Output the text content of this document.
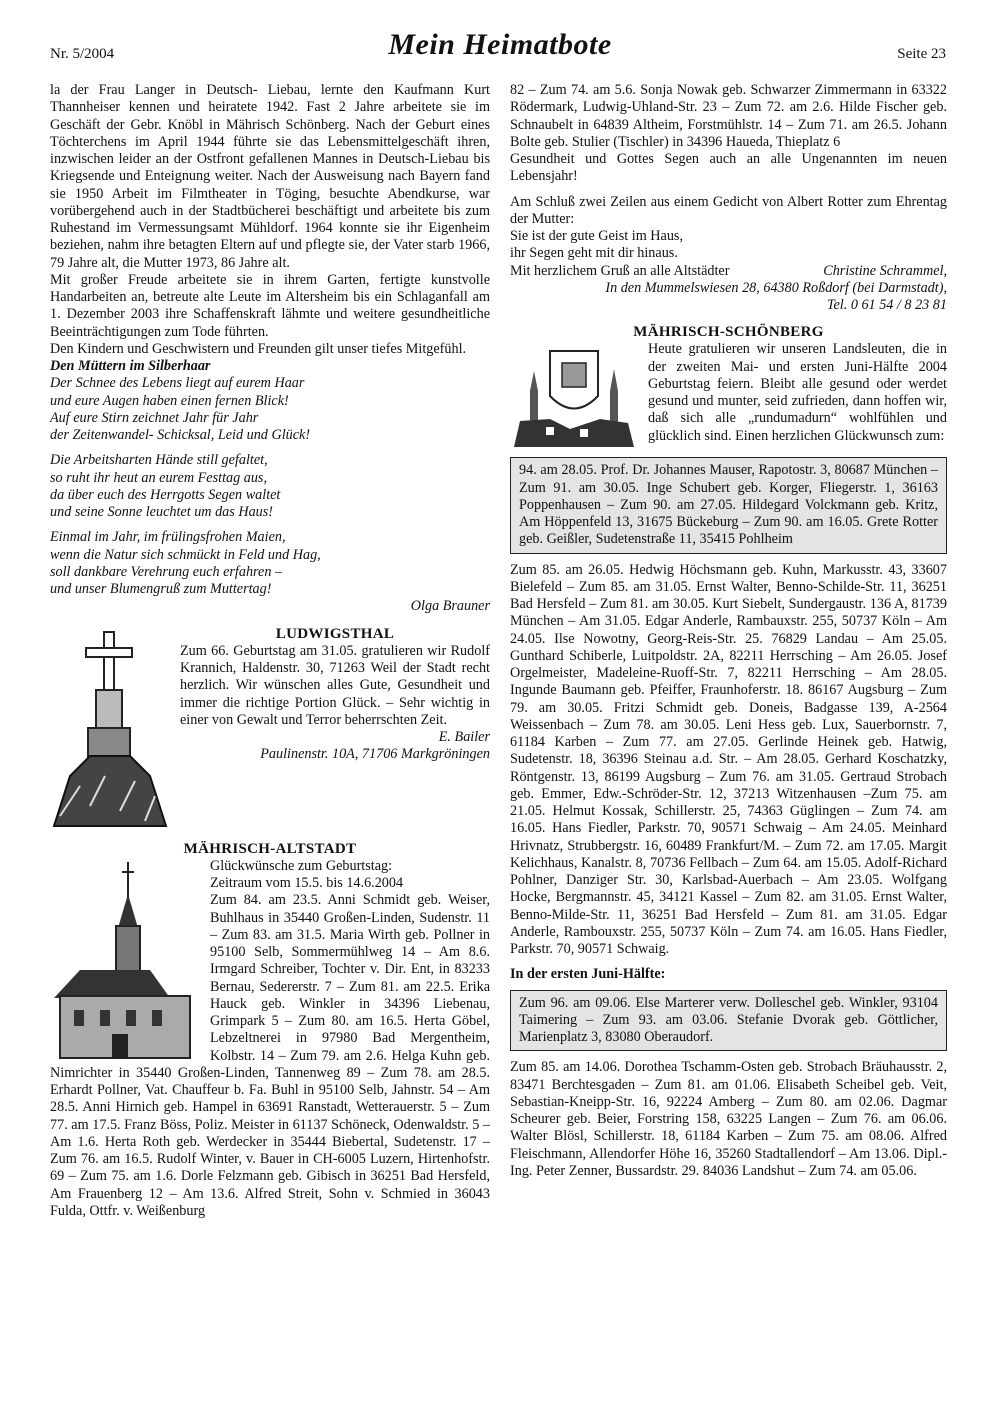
Nr. 5/2004	Mein Heimatbote	Seite 23

la der Frau Langer in Deutsch- Liebau, lernte den Kaufmann Kurt Thannheiser kennen und heiratete 1942. Fast 2 Jahre arbeitete sie im Geschäft der Gebr. Knöbl in Mährisch Schönberg. Nach der Geburt eines Töchterchens im April 1944 führte sie das Lebensmittelgeschäft ihren, inzwischen leider an der Ostfront gefallenen Mannes in Deutsch-Liebau bis Kriegsende und Enteignung weiter. Nach der Ausweisung nach Bayern fand sie 1950 Arbeit im Filmtheater in Töging, besuchte Abendkurse, war vorübergehend auch in der Stadtbücherei beschäftigt und arbeitete bis zum Ruhestand im Vermessungsamt Mühldorf. 1964 konnte sie ihr Eigenheim beziehen, nahm ihre betagten Eltern auf und pflegte sie, der Vater starb 1966, 79 Jahre alt, die Mutter 1973, 86 Jahre alt.

Mit großer Freude arbeitete sie in ihrem Garten, fertigte kunstvolle Handarbeiten an, betreute alte Leute im Altersheim bis ein Schlaganfall am 1. Dezember 2003 ihre Schaffenskraft lähmte und weitere gesundheitliche Beeinträchtigungen zum Tode führten.

Den Kindern und Geschwistern und Freunden gilt unser tiefes Mitgefühl.

Den Müttern im Silberhaar

Der Schnee des Lebens liegt auf eurem Haar
und eure Augen haben einen fernen Blick!
Auf eure Stirn zeichnet Jahr für Jahr
der Zeitenwandel- Schicksal, Leid und Glück!
Die Arbeitsharten Hände still gefaltet,
so ruht ihr heut an eurem Festtag aus,
da über euch des Herrgotts Segen waltet
und seine Sonne leuchtet um das Haus!
Einmal im Jahr, im frülingsfrohen Maien,
wenn die Natur sich schmückt in Feld und Hag,
soll dankbare Verehrung euch erfahren –
und unser Blumengruß zum Muttertag!

Olga Brauner

LUDWIGSTHAL

Zum 66. Geburtstag am 31.05. gratulieren wir Rudolf Krannich, Haldenstr. 30, 71263 Weil der Stadt recht herzlich. Wir wünschen alles Gute, Gesundheit und immer die richtige Portion Glück. – Sehr wichtig in einer von Gewalt und Terror beherrschten Zeit.

E. Bailer
Paulinenstr. 10A, 71706 Markgröningen
MÄHRISCH-ALTSTADT

Glückwünsche zum Geburtstag:

Zeitraum vom 15.5. bis 14.6.2004

Zum 84. am 23.5. Anni Schmidt geb. Weiser, Buhlhaus in 35440 Großen-Linden, Sudenstr. 11 – Zum 83. am 31.5. Maria Wirth geb. Pollner in 95100 Selb, Sommermühlweg 14 – Am 8.6. Irmgard Schreiber, Tochter v. Dir. Ent, in 83233 Bernau, Sedererstr. 7 – Zum 81. am 22.5. Erika Hauck geb. Winkler in 34396 Liebenau, Grimpark 5 – Zum 80. am 16.5. Herta Göbel, Lebzeltnerei in 97980 Bad Mergentheim, Kolbstr. 14 – Zum 79. am 2.6. Helga Kuhn geb. Nimrichter in 35440 Großen-Linden, Tannenweg 89 – Zum 78. am 28.5. Erhardt Pollner, Vat. Chauffeur b. Fa. Buhl in 95100 Selb, Jahnstr. 54 – Am 28.5. Anni Hirnich geb. Hampel in 63691 Ranstadt, Wetterauerstr. 5 – Zum 77. am 17.5. Franz Böss, Poliz. Meister in 61137 Schöneck, Odenwaldstr. 5 – Am 1.6. Herta Roth geb. Werdecker in 35444 Biebertal, Sudetenstr. 17 – Zum 76. am 16.5. Rudolf Winter, v. Bauer in CH-6005 Luzern, Hirtenhofstr. 69 – Zum 75. am 1.6. Dorle Felzmann geb. Gibisch in 36251 Bad Hersfeld, Am Frauenberg 12 – Am 13.6. Alfred Streit, Sohn v. Schmied in 36043 Fulda, Ottfr. v. Weißenburg

82 – Zum 74. am 5.6. Sonja Nowak geb. Schwarzer Zimmermann in 63322 Rödermark, Ludwig-Uhland-Str. 23 – Zum 72. am 2.6. Hilde Fischer geb. Schnaubelt in 64839 Altheim, Forstmühlstr. 14 – Zum 71. am 26.5. Johann Bolte geb. Stulier (Tischler) in 34396 Haueda, Thieplatz 6

Gesundheit und Gottes Segen auch an alle Ungenannten im neuen Lebensjahr!

Am Schluß zwei Zeilen aus einem Gedicht von Albert Rotter zum Ehrentag der Mutter:

Sie ist der gute Geist im Haus,
ihr Segen geht mit dir hinaus.
Mit herzlichem Gruß an alle Altstädter	Christine Schrammel,
In den Mummelswiesen 28, 64380 Roßdorf (bei Darmstadt),
Tel. 0 61 54 / 8 23 81
MÄHRISCH-SCHÖNBERG

Heute gratulieren wir unseren Landsleuten, die in der zweiten Mai- und ersten Juni-Hälfte 2004 Geburtstag feiern. Bleibt alle gesund oder werdet gesund und munter, seid zufrieden, dann hoffen wir, daß sich alle „rundumadurn“ wohlfühlen und glücklich sind. Einen herzlichen Glückwunsch zum:

94. am 28.05. Prof. Dr. Johannes Mauser, Rapotostr. 3, 80687 München – Zum 91. am 30.05. Inge Schubert geb. Korger, Fliegerstr. 1, 36163 Poppenhausen – Zum 90. am 27.05. Hildegard Volckmann geb. Kritz, Am Höppenfeld 13, 31675 Bückeburg – Zum 90. am 16.05. Grete Rotter geb. Geißler, Sudetenstraße 11, 35415 Pohlheim

Zum 85. am 26.05. Hedwig Höchsmann geb. Kuhn, Markusstr. 43, 33607 Bielefeld – Zum 85. am 31.05. Ernst Walter, Benno-Schilde-Str. 11, 36251 Bad Hersfeld – Zum 81. am 30.05. Kurt Siebelt, Sundergaustr. 136 A, 81739 München – Am 31.05. Edgar Anderle, Rambauxstr. 255, 50737 Köln – Am 24.05. Ilse Nowotny, Georg-Reis-Str. 25. 76829 Landau – Am 25.05. Gunthard Schiberle, Luitpoldstr. 2A, 82211 Herrsching – Am 26.05. Josef Orgelmeister, Madeleine-Ruoff-Str. 7, 82211 Herrsching – Am 28.05. Ingunde Baumann geb. Pfeiffer, Fraunhoferstr. 18. 86167 Augsburg – Zum 79. am 30.05. Fritzi Schmidt geb. Doneis, Badgasse 139, A-2564 Weissenbach – Zum 78. am 30.05. Leni Hess geb. Lux, Sauerbornstr. 7, 61184 Karben – Zum 77. am 27.05. Gerlinde Heinek geb. Hatwig, Sudetenstr. 18, 36396 Steinau a.d. Str. – Am 28.05. Gerhard Koschatzky, Röntgenstr. 13, 86199 Augsburg – Zum 76. am 31.05. Gertraud Strobach geb. Emmer, Edw.-Schröder-Str. 12, 37213 Witzenhausen –Zum 75. am 21.05. Helmut Kossak, Schillerstr. 25, 74363 Güglingen – Zum 74. am 16.05. Hans Fiedler, Parkstr. 70, 90571 Schwaig – Am 24.05. Meinhard Hrivnatz, Strubbergstr. 16, 60489 Frankfurt/M. – Zum 72. am 17.05. Margit Kelichhaus, Kanalstr. 8, 70736 Fellbach – Zum 64. am 15.05. Adolf-Richard Pohlner, Danziger Str. 30, Karlsbad-Auerbach – Am 23.05. Wolfgang Hocke, Bergmannstr. 45, 34121 Kassel – Zum 82. am 31.05. Ernst Walter, Benno-Milde-Str. 11, 36251 Bad Hersfeld – Zum 81. am 31.05. Edgar Anderle, Rambouxstr. 255, 50737 Köln – Zum 74. am 16.05. Hans Fiedler, Parkstr. 70, 90571 Schwaig.

In der ersten Juni-Hälfte:

Zum 96. am 09.06. Else Marterer verw. Dolleschel geb. Winkler, 93104 Taimering – Zum 93. am 03.06. Stefanie Dvorak geb. Göttlicher, Marienplatz 3, 83080 Oberaudorf.

Zum 85. am 14.06. Dorothea Tschamm-Osten geb. Strobach Bräuhausstr. 2, 83471 Berchtesgaden – Zum 81. am 01.06. Elisabeth Scheibel geb. Veit, Sebastian-Kneipp-Str. 16, 92224 Amberg – Zum 80. am 02.06. Dagmar Scheurer geb. Beier, Forstring 158, 63225 Langen – Zum 76. am 06.06. Walter Blösl, Schillerstr. 18, 61184 Karben – Zum 75. am 08.06. Alfred Fleischmann, Allendorfer Höhe 16, 35260 Stadtallendorf – Am 13.06. Dipl.-Ing. Peter Zenner, Bussardstr. 29. 84036 Landshut – Zum 74. am 05.06.
